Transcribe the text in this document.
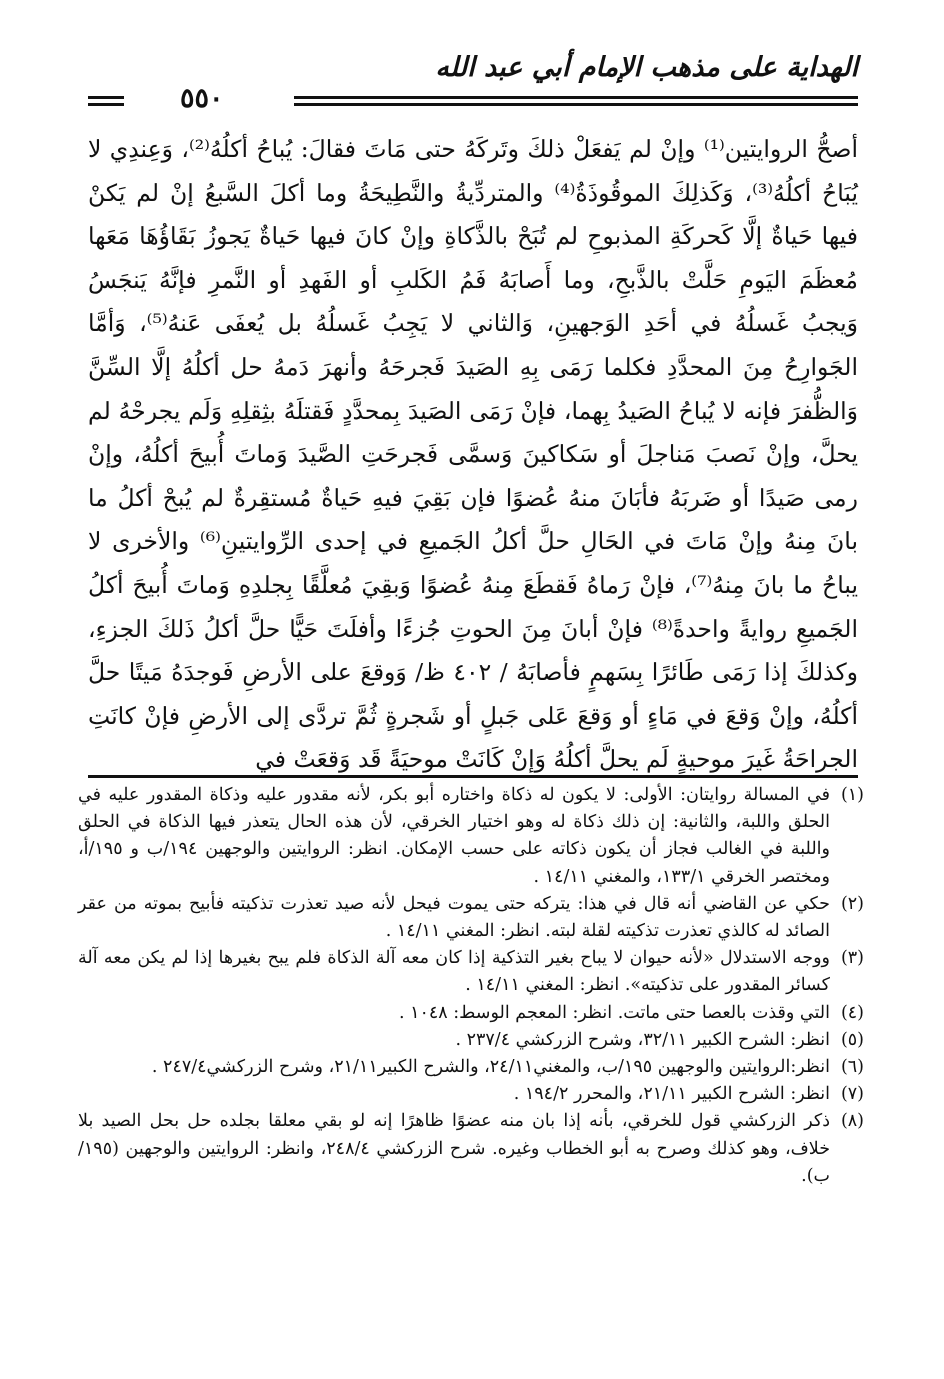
الهداية على مذهب الإمام أبي عبد الله
٥٥٠

أصحُّ الروايتين⁽¹⁾ وإنْ لم يَفعَلْ ذلكَ وتَركَهُ حتى مَاتَ فقالَ: يُباحُ أكلُهُ⁽²⁾، وَعِندِي لا يُبَاحُ أكلُهُ⁽³⁾، وَكَذلِكَ الموقُوذَةُ⁽⁴⁾ والمتردِّيةُ والنَّطِيحَةُ وما أكلَ السَّبعُ إنْ لم يَكنْ فيها حَياةٌ إلَّا كَحركَةِ المذبوحِ لم تُبَحْ بالذَّكاةِ وإنْ كانَ فيها حَياةٌ يَجوزُ بَقَاؤُهَا مَعَها مُعظَمَ اليَومِ حَلَّتْ بالذَّبحِ، وما أَصابَهُ فَمُ الكَلبِ أو الفَهدِ أو النَّمرِ فإنَّهُ يَنجَسُ وَيجبُ غَسلُهُ في أحَدِ الوَجهينِ، وَالثاني لا يَجِبُ غَسلُهُ بل يُعفَى عَنهُ⁽⁵⁾، وَأمَّا الجَوارِحُ مِنَ المحدَّدِ فكلما رَمَى بِهِ الصَيدَ فَجرحَهُ وأنهرَ دَمهُ حل أكلُهُ إلَّا السِّنَّ وَالظُّفرَ فإنه لا يُباحُ الصَيدُ بِهما، فإنْ رَمَى الصَيدَ بِمحدَّدٍ فَقتلَهُ بثِقلِهِ وَلَم يجرحْهُ لم يحلَّ، وإنْ نَصبَ مَناجلَ أو سَكاكينَ وَسمَّى فَجرحَتِ الصَّيدَ وَماتَ أُبيحَ أكلُهُ، وإنْ رمى صَيدًا أو ضَربَهُ فأبَانَ منهُ عُضوًا فإن بَقِيَ فيهِ حَياةٌ مُستقِرةٌ لم يُبحْ أكلُ ما بانَ مِنهُ وإنْ مَاتَ في الحَالِ حلَّ أكلُ الجَميعِ في إحدى الرِّوايتينِ⁽⁶⁾ والأخرى لا يباحُ ما بانَ مِنهُ⁽⁷⁾، فإنْ رَماهُ فَقطَعَ مِنهُ عُضوًا وَبقِيَ مُعلَّقًا بِجلدِهِ وَماتَ أُبيحَ أكلُ الجَميعِ روايةً واحدةً⁽⁸⁾ فإنْ أبانَ مِنَ الحوتِ جُزءًا وأفلَتَ حَيًّا حلَّ أكلُ ذَلكَ الجزءِ، وكذلكَ إذا رَمَى طَائرًا بِسَهمٍ فأصابَهُ / ٤٠٢ ظ/ وَوقعَ على الأرضِ فَوجدَهُ مَيتًا حلَّ أكلُهُ، وإنْ وَقعَ في مَاءٍ أو وَقعَ عَلى جَبلٍ أو شَجرةٍ ثُمَّ تردَّى إلى الأرضِ فإنْ كانَتِ الجراحَةُ غَيرَ موحيةٍ لَم يحلَّ أكلُهُ وَإنْ كَانَتْ موحيَةً قَد وَقعَتْ في

(١)
في المسالة روايتان: الأولى: لا يكون له ذكاة واختاره أبو بكر، لأنه مقدور عليه وذكاة المقدور عليه في الحلق واللبة، والثانية: إن ذلك ذكاة له وهو اختيار الخرقي، لأن هذه الحال يتعذر فيها الذكاة في الحلق واللبة في الغالب فجاز أن يكون ذكاته على حسب الإمكان. انظر: الروايتين والوجهين ١٩٤/ب و ١٩٥/أ، ومختصر الخرقي ١٣٣/١، والمغني ١٤/١١ .
(٢)
حكي عن القاضي أنه قال في هذا: يتركه حتى يموت فيحل لأنه صيد تعذرت تذكيته فأبيح بموته من عقر الصائد له كالذي تعذرت تذكيته لقلة لبته. انظر: المغني ١٤/١١ .
(٣)
ووجه الاستدلال «لأنه حيوان لا يباح بغير التذكية إذا كان معه آلة الذكاة فلم يبح بغيرها إذا لم يكن معه آلة كسائر المقدور على تذكيته». انظر: المغني ١٤/١١ .
(٤)
التي وقذت بالعصا حتى ماتت. انظر: المعجم الوسط: ١٠٤٨ .
(٥)
انظر: الشرح الكبير ٣٢/١١، وشرح الزركشي ٢٣٧/٤ .
(٦)
انظر:الروايتين والوجهين ١٩٥/ب، والمغني٢٤/١١، والشرح الكبير٢١/١١، وشرح الزركشي٢٤٧/٤ .
(٧)
انظر: الشرح الكبير ٢١/١١، والمحرر ١٩٤/٢ .
(٨)
ذكر الزركشي قول للخرقي، بأنه إذا بان منه عضوًا ظاهرًا إنه لو بقي معلقا بجلده حل بحل الصيد بلا خلاف، وهو كذلك وصرح به أبو الخطاب وغيره. شرح الزركشي ٢٤٨/٤، وانظر: الروايتين والوجهين (١٩٥/ب).
